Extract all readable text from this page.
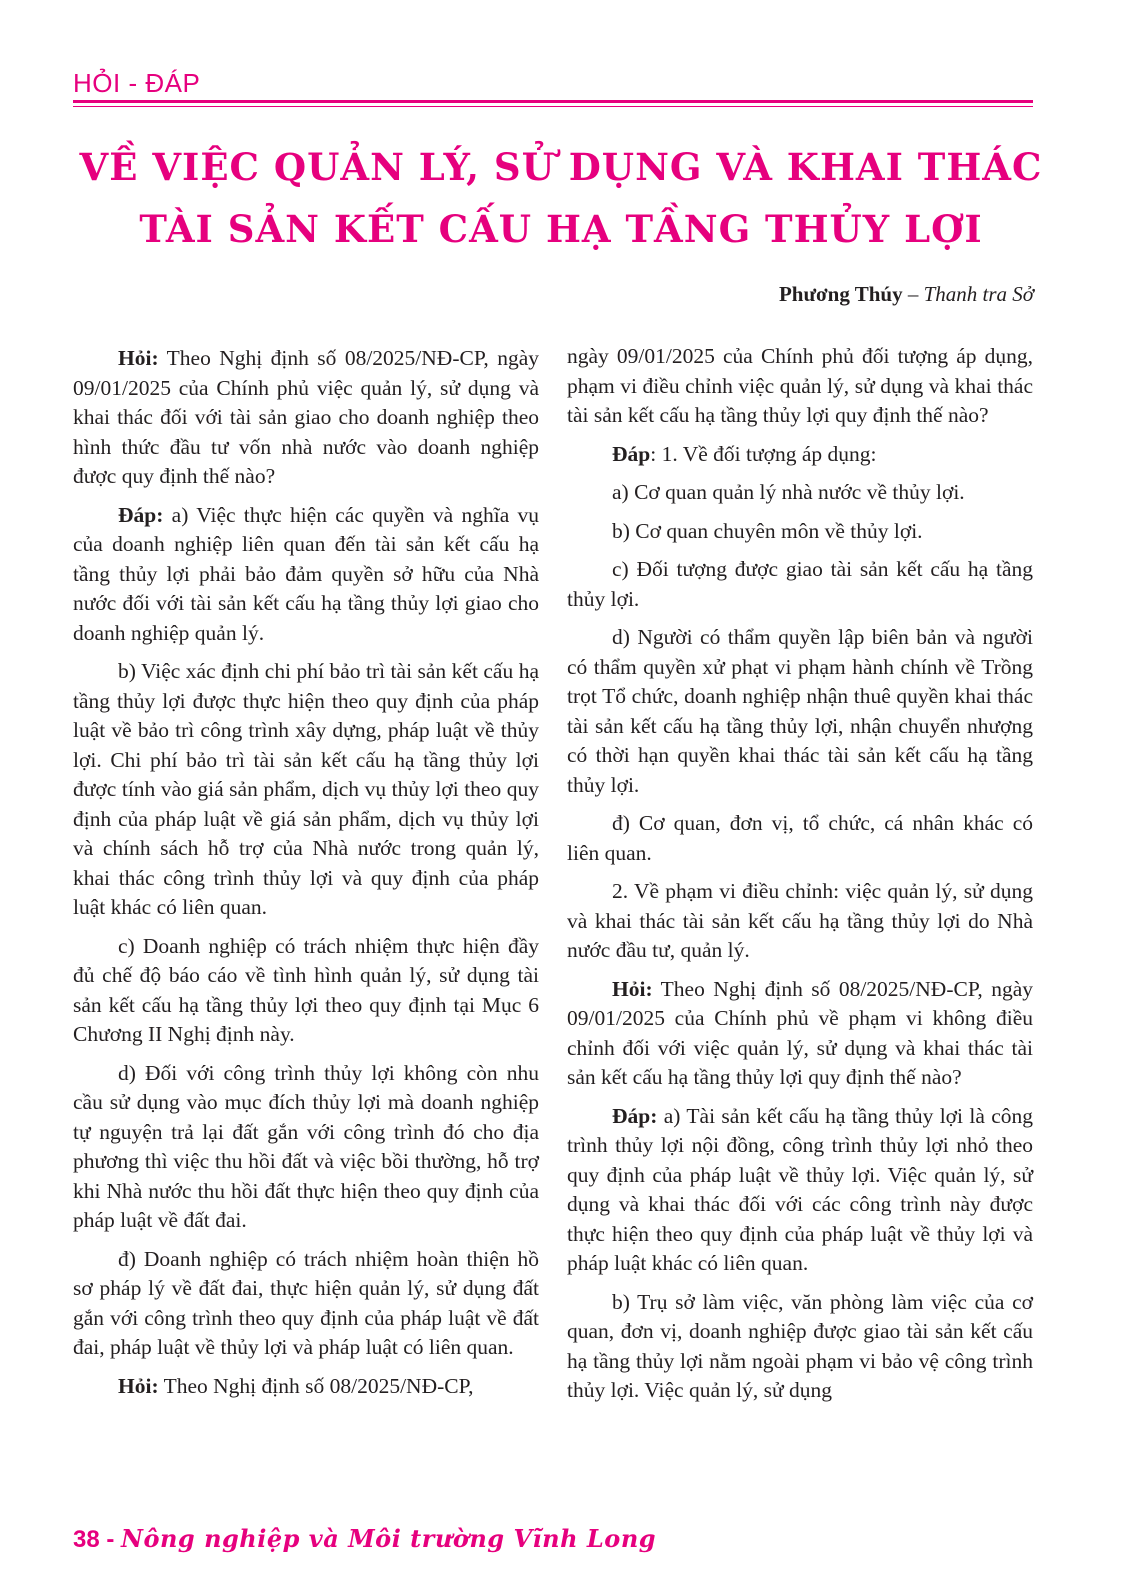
HỎI - ĐÁP
VỀ VIỆC QUẢN LÝ, SỬ DỤNG VÀ KHAI THÁC
TÀI SẢN KẾT CẤU HẠ TẦNG THỦY LỢI
Phương Thúy – Thanh tra Sở

Hỏi: Theo Nghị định số 08/2025/NĐ-CP, ngày 09/01/2025 của Chính phủ việc quản lý, sử dụng và khai thác đối với tài sản giao cho doanh nghiệp theo hình thức đầu tư vốn nhà nước vào doanh nghiệp được quy định thế nào?

Đáp: a) Việc thực hiện các quyền và nghĩa vụ của doanh nghiệp liên quan đến tài sản kết cấu hạ tầng thủy lợi phải bảo đảm quyền sở hữu của Nhà nước đối với tài sản kết cấu hạ tầng thủy lợi giao cho doanh nghiệp quản lý.

b) Việc xác định chi phí bảo trì tài sản kết cấu hạ tầng thủy lợi được thực hiện theo quy định của pháp luật về bảo trì công trình xây dựng, pháp luật về thủy lợi. Chi phí bảo trì tài sản kết cấu hạ tầng thủy lợi được tính vào giá sản phẩm, dịch vụ thủy lợi theo quy định của pháp luật về giá sản phẩm, dịch vụ thủy lợi và chính sách hỗ trợ của Nhà nước trong quản lý, khai thác công trình thủy lợi và quy định của pháp luật khác có liên quan.

c) Doanh nghiệp có trách nhiệm thực hiện đầy đủ chế độ báo cáo về tình hình quản lý, sử dụng tài sản kết cấu hạ tầng thủy lợi theo quy định tại Mục 6 Chương II Nghị định này.

d) Đối với công trình thủy lợi không còn nhu cầu sử dụng vào mục đích thủy lợi mà doanh nghiệp tự nguyện trả lại đất gắn với công trình đó cho địa phương thì việc thu hồi đất và việc bồi thường, hỗ trợ khi Nhà nước thu hồi đất thực hiện theo quy định của pháp luật về đất đai.

đ) Doanh nghiệp có trách nhiệm hoàn thiện hồ sơ pháp lý về đất đai, thực hiện quản lý, sử dụng đất gắn với công trình theo quy định của pháp luật về đất đai, pháp luật về thủy lợi và pháp luật có liên quan.

Hỏi: Theo Nghị định số 08/2025/NĐ-CP,

ngày 09/01/2025 của Chính phủ đối tượng áp dụng, phạm vi điều chỉnh việc quản lý, sử dụng và khai thác tài sản kết cấu hạ tầng thủy lợi quy định thế nào?

Đáp: 1. Về đối tượng áp dụng:

a) Cơ quan quản lý nhà nước về thủy lợi.

b) Cơ quan chuyên môn về thủy lợi.

c) Đối tượng được giao tài sản kết cấu hạ tầng thủy lợi.

d) Người có thẩm quyền lập biên bản và người có thẩm quyền xử phạt vi phạm hành chính về Trồng trọt Tổ chức, doanh nghiệp nhận thuê quyền khai thác tài sản kết cấu hạ tầng thủy lợi, nhận chuyển nhượng có thời hạn quyền khai thác tài sản kết cấu hạ tầng thủy lợi.

đ) Cơ quan, đơn vị, tổ chức, cá nhân khác có liên quan.

2. Về phạm vi điều chỉnh: việc quản lý, sử dụng và khai thác tài sản kết cấu hạ tầng thủy lợi do Nhà nước đầu tư, quản lý.

Hỏi: Theo Nghị định số 08/2025/NĐ-CP, ngày 09/01/2025 của Chính phủ về phạm vi không điều chỉnh đối với việc quản lý, sử dụng và khai thác tài sản kết cấu hạ tầng thủy lợi quy định thế nào?

Đáp: a) Tài sản kết cấu hạ tầng thủy lợi là công trình thủy lợi nội đồng, công trình thủy lợi nhỏ theo quy định của pháp luật về thủy lợi. Việc quản lý, sử dụng và khai thác đối với các công trình này được thực hiện theo quy định của pháp luật về thủy lợi và pháp luật khác có liên quan.

b) Trụ sở làm việc, văn phòng làm việc của cơ quan, đơn vị, doanh nghiệp được giao tài sản kết cấu hạ tầng thủy lợi nằm ngoài phạm vi bảo vệ công trình thủy lợi. Việc quản lý, sử dụng

38 - Nông nghiệp và Môi trường Vĩnh Long
